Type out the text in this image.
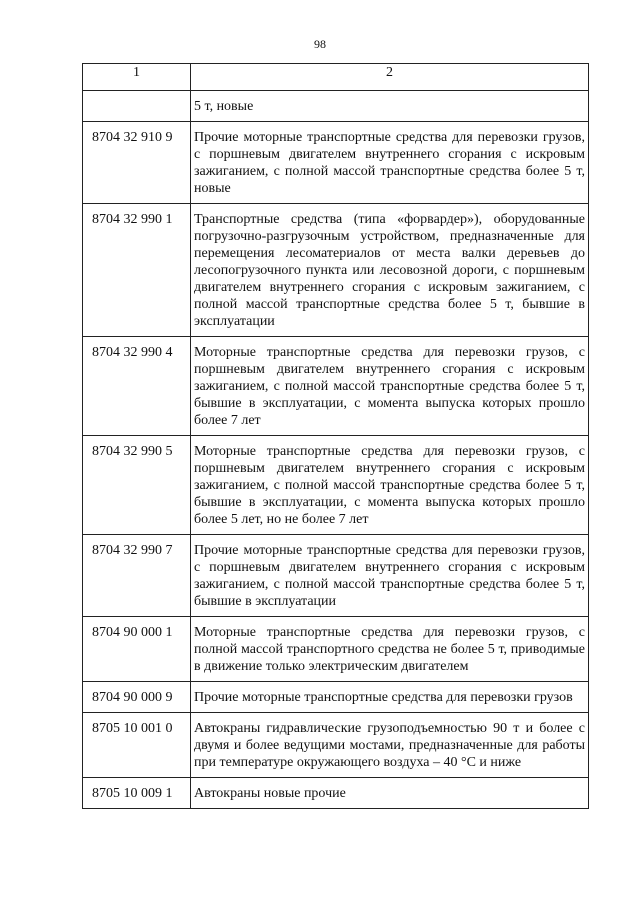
98
1	2
	5 т, новые
8704 32 910 9	Прочие моторные транспортные средства для перевозки грузов, с поршневым двигателем внутреннего сгорания с искровым зажиганием, с полной массой транспортные средства более 5 т, новые
8704 32 990 1	Транспортные средства (типа «форвардер»), оборудованные погрузочно-разгрузочным устройством, предназначенные для перемещения лесоматериалов от места валки деревьев до лесопогрузочного пункта или лесовозной дороги, с поршневым двигателем внутреннего сгорания с искровым зажиганием, с полной массой транспортные средства более 5 т, бывшие в эксплуатации
8704 32 990 4	Моторные транспортные средства для перевозки грузов, с поршневым двигателем внутреннего сгорания с искровым зажиганием, с полной массой транспортные средства более 5 т, бывшие в эксплуатации, с момента выпуска которых прошло более 7 лет
8704 32 990 5	Моторные транспортные средства для перевозки грузов, с поршневым двигателем внутреннего сгорания с искровым зажиганием, с полной массой транспортные средства более 5 т, бывшие в эксплуатации, с момента выпуска которых прошло более 5 лет, но не более 7 лет
8704 32 990 7	Прочие моторные транспортные средства для перевозки грузов, с поршневым двигателем внутреннего сгорания с искровым зажиганием, с полной массой транспортные средства более 5 т, бывшие в эксплуатации
8704 90 000 1	Моторные транспортные средства для перевозки грузов, с полной массой транспортного средства не более 5 т, приводимые в движение только электрическим двигателем
8704 90 000 9	Прочие моторные транспортные средства для перевозки грузов
8705 10 001 0	Автокраны гидравлические грузоподъемностью 90 т и более с двумя и более ведущими мостами, предназначенные для работы при температуре окружающего воздуха – 40 °С и ниже
8705 10 009 1	Автокраны новые прочие
